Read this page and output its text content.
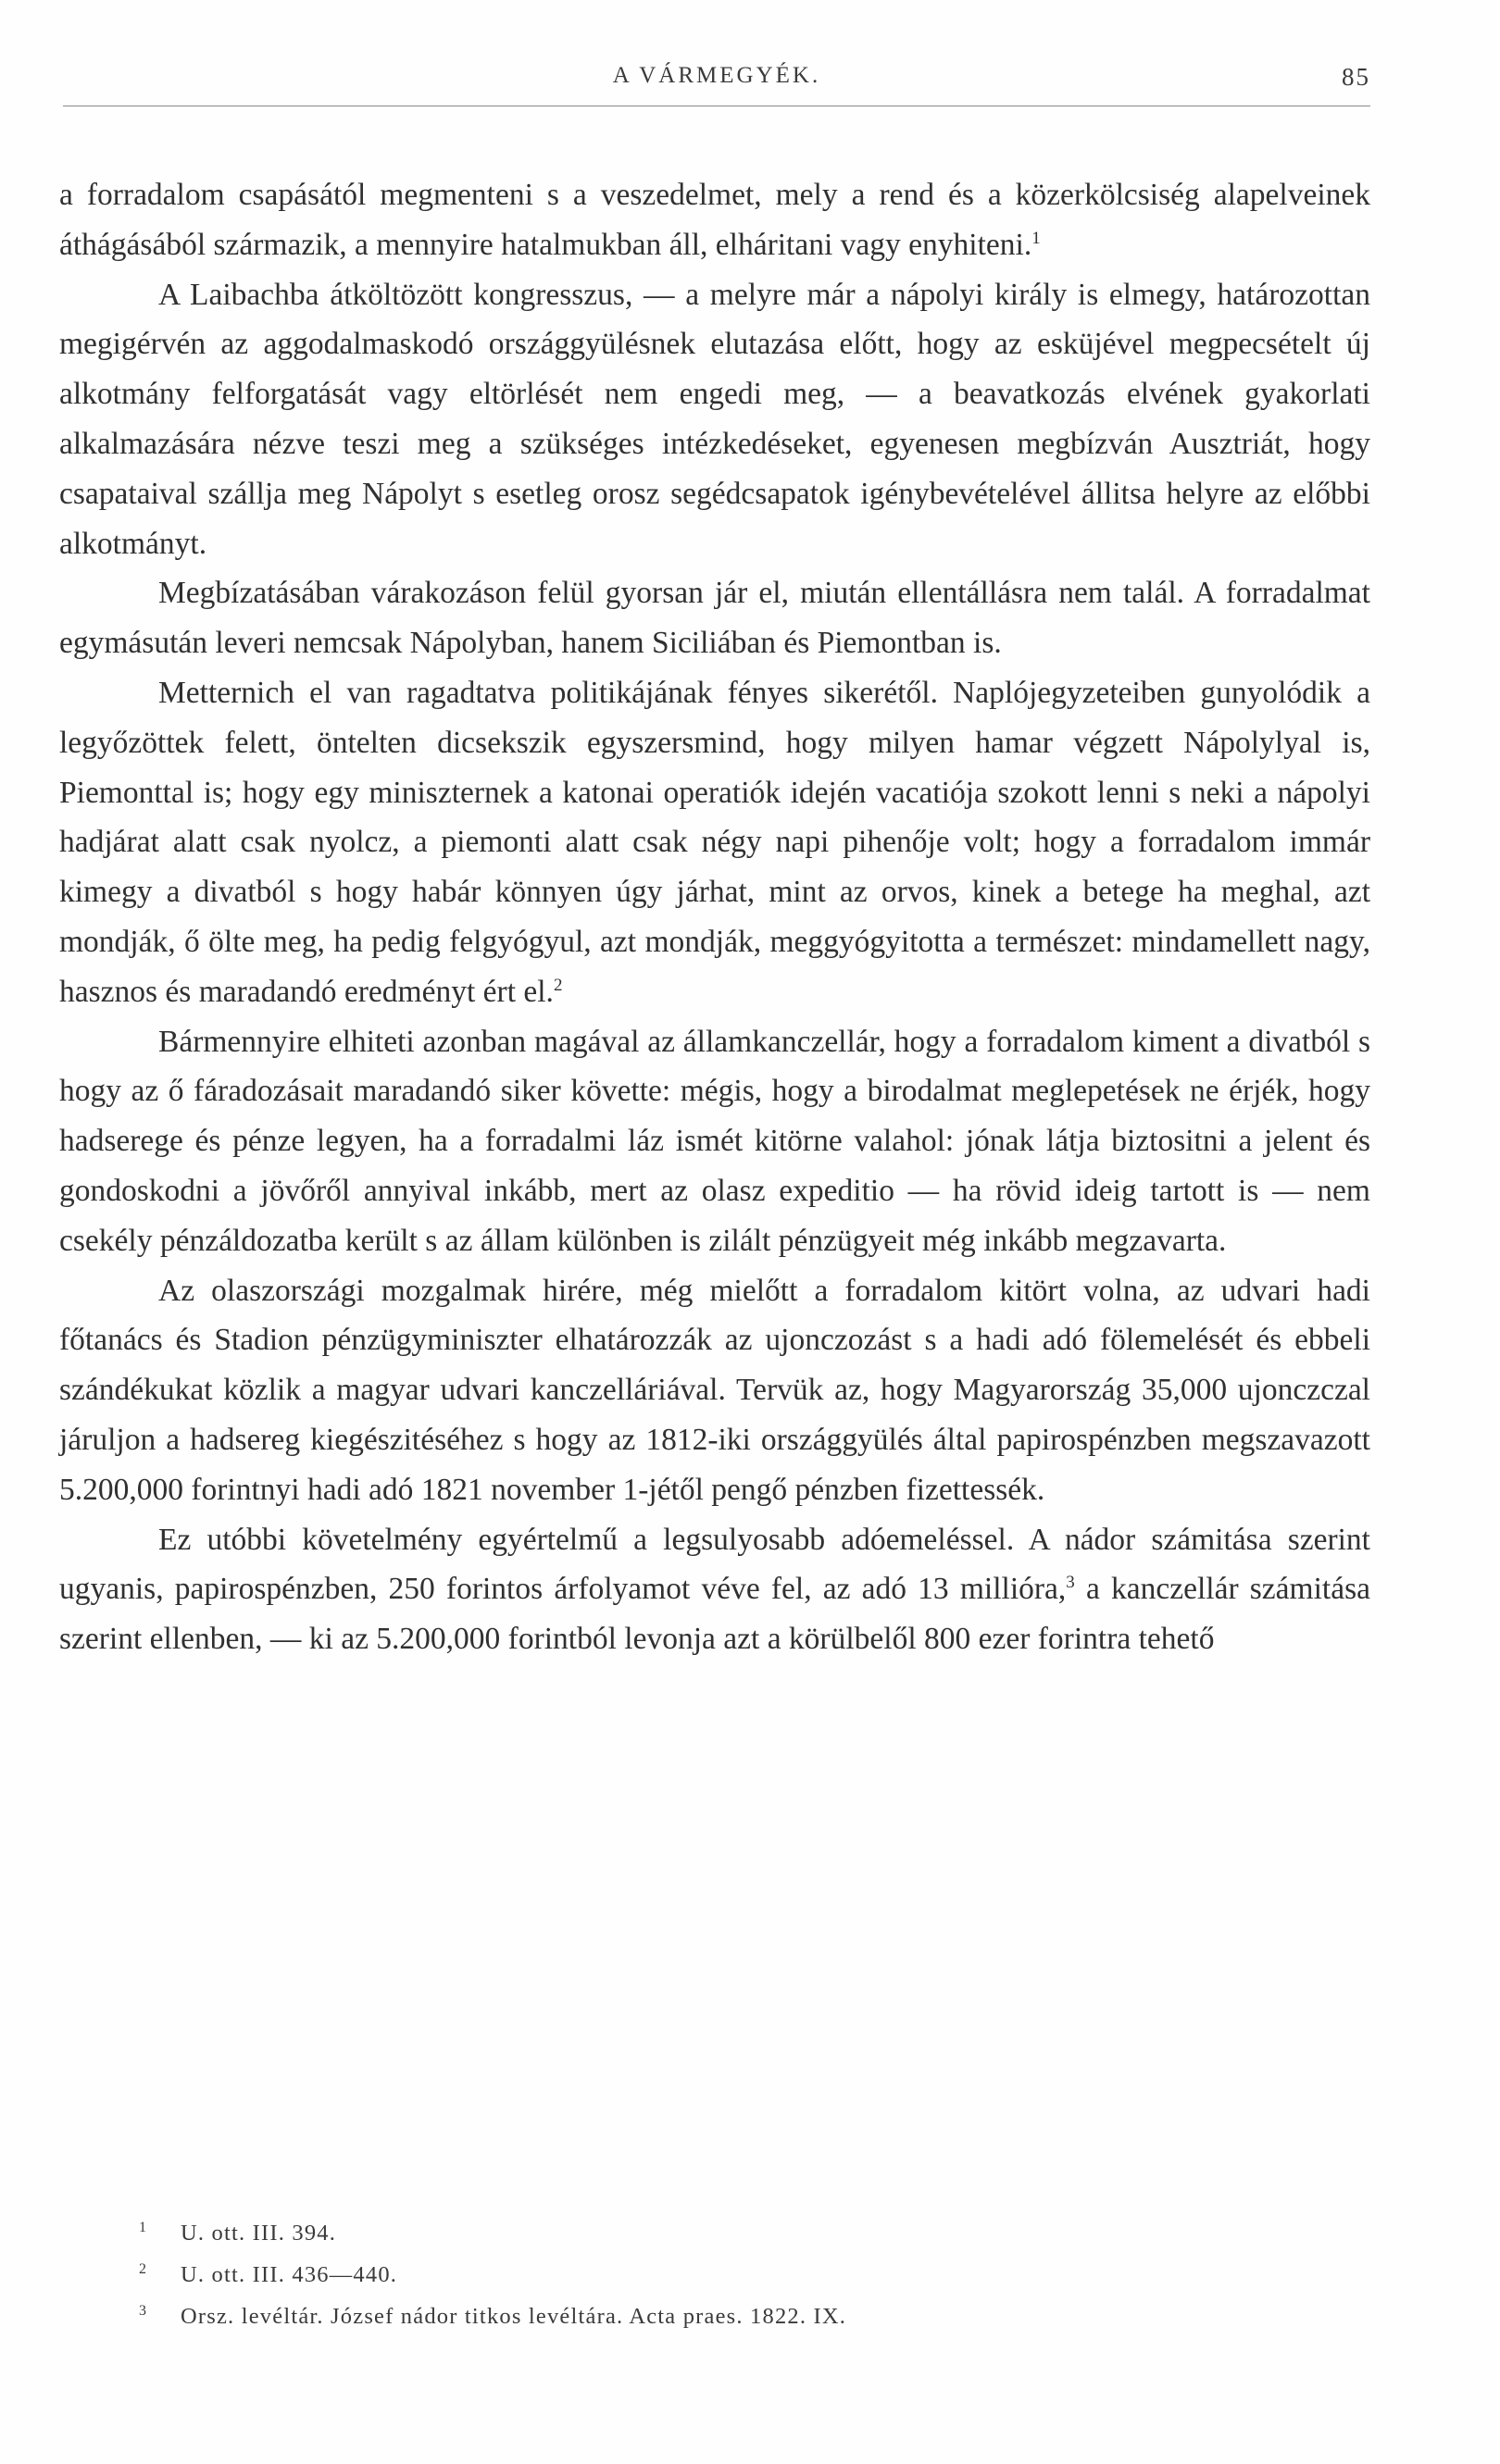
A VÁRMEGYÉK.	85

a forradalom csapásától megmenteni s a veszedelmet, mely a rend és a közerkölcsiség alapelveinek áthágásából származik, a mennyire hatalmukban áll, elháritani vagy enyhiteni.$^1$

A Laibachba átköltözött kongresszus, — a melyre már a nápolyi király is elmegy, határozottan megigérvén az aggodalmaskodó országgyülésnek elutazása előtt, hogy az esküjével megpecsételt új alkotmány felforgatását vagy eltörlését nem engedi meg, — a beavatkozás elvének gyakorlati alkalmazására nézve teszi meg a szükséges intézkedéseket, egyenesen megbízván Ausztriát, hogy csapataival szállja meg Nápolyt s esetleg orosz segédcsapatok igénybevételével állitsa helyre az előbbi alkotmányt.

Megbízatásában várakozáson felül gyorsan jár el, miután ellentállásra nem talál. A forradalmat egymásután leveri nemcsak Nápolyban, hanem Siciliában és Piemontban is.

Metternich el van ragadtatva politikájának fényes sikerétől. Naplójegyzeteiben gunyolódik a legyőzöttek felett, öntelten dicsekszik egyszersmind, hogy milyen hamar végzett Nápolylyal is, Piemonttal is; hogy egy miniszternek a katonai operatiók idején vacatiója szokott lenni s neki a nápolyi hadjárat alatt csak nyolcz, a piemonti alatt csak négy napi pihenője volt; hogy a forradalom immár kimegy a divatból s hogy habár könnyen úgy járhat, mint az orvos, kinek a betege ha meghal, azt mondják, ő ölte meg, ha pedig felgyógyul, azt mondják, meggyógyitotta a természet: mindamellett nagy, hasznos és maradandó eredményt ért el.$^2$

Bármennyire elhiteti azonban magával az államkanczellár, hogy a forradalom kiment a divatból s hogy az ő fáradozásait maradandó siker követte: mégis, hogy a birodalmat meglepetések ne érjék, hogy hadserege és pénze legyen, ha a forradalmi láz ismét kitörne valahol: jónak látja biztositni a jelent és gondoskodni a jövőről annyival inkább, mert az olasz expeditio — ha rövid ideig tartott is — nem csekély pénzáldozatba került s az állam különben is zilált pénzügyeit még inkább megzavarta.

Az olaszországi mozgalmak hirére, még mielőtt a forradalom kitört volna, az udvari hadi főtanács és Stadion pénzügyminiszter elhatározzák az ujonczozást s a hadi adó fölemelését és ebbeli szándékukat közlik a magyar udvari kanczelláriával. Tervük az, hogy Magyarország 35,000 ujonczczal járuljon a hadsereg kiegészitéséhez s hogy az 1812-iki országgyülés által papirospénzben megszavazott 5.200,000 forintnyi hadi adó 1821 november 1-jétől pengő pénzben fizettessék.

Ez utóbbi követelmény egyértelmű a legsulyosabb adóemeléssel. A nádor számitása szerint ugyanis, papirospénzben, 250 forintos árfolyamot véve fel, az adó 13 millióra,$^3$ a kanczellár számitása szerint ellenben, — ki az 5.200,000 forintból levonja azt a körülbelől 800 ezer forintra tehető

1 U. ott. III. 394.
2 U. ott. III. 436—440.
3 Orsz. levéltár. József nádor titkos levéltára. Acta praes. 1822. IX.
